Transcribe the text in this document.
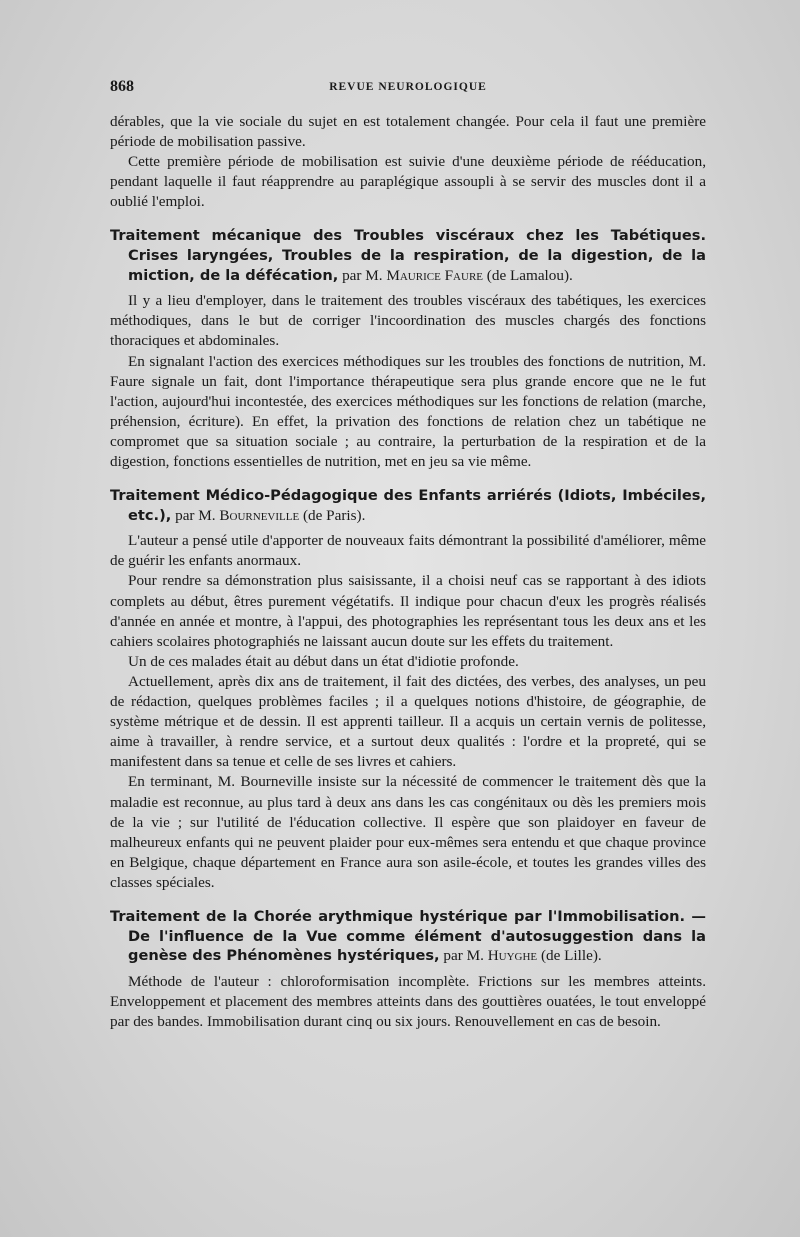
868	REVUE NEUROLOGIQUE

dérables, que la vie sociale du sujet en est totalement changée. Pour cela il faut une première période de mobilisation passive.

Cette première période de mobilisation est suivie d'une deuxième période de rééducation, pendant laquelle il faut réapprendre au paraplégique assoupli à se servir des muscles dont il a oublié l'emploi.

Traitement mécanique des Troubles viscéraux chez les Tabétiques. Crises laryngées, Troubles de la respiration, de la digestion, de la miction, de la défécation, par M. Maurice Faure (de Lamalou).

Il y a lieu d'employer, dans le traitement des troubles viscéraux des tabétiques, les exercices méthodiques, dans le but de corriger l'incoordination des muscles chargés des fonctions thoraciques et abdominales.

En signalant l'action des exercices méthodiques sur les troubles des fonctions de nutrition, M. Faure signale un fait, dont l'importance thérapeutique sera plus grande encore que ne le fut l'action, aujourd'hui incontestée, des exercices méthodiques sur les fonctions de relation (marche, préhension, écriture). En effet, la privation des fonctions de relation chez un tabétique ne compromet que sa situation sociale ; au contraire, la perturbation de la respiration et de la digestion, fonctions essentielles de nutrition, met en jeu sa vie même.

Traitement Médico-Pédagogique des Enfants arriérés (Idiots, Imbéciles, etc.), par M. Bourneville (de Paris).

L'auteur a pensé utile d'apporter de nouveaux faits démontrant la possibilité d'améliorer, même de guérir les enfants anormaux.

Pour rendre sa démonstration plus saisissante, il a choisi neuf cas se rapportant à des idiots complets au début, êtres purement végétatifs. Il indique pour chacun d'eux les progrès réalisés d'année en année et montre, à l'appui, des photographies les représentant tous les deux ans et les cahiers scolaires photographiés ne laissant aucun doute sur les effets du traitement.

Un de ces malades était au début dans un état d'idiotie profonde.

Actuellement, après dix ans de traitement, il fait des dictées, des verbes, des analyses, un peu de rédaction, quelques problèmes faciles ; il a quelques notions d'histoire, de géographie, de système métrique et de dessin. Il est apprenti tailleur. Il a acquis un certain vernis de politesse, aime à travailler, à rendre service, et a surtout deux qualités : l'ordre et la propreté, qui se manifestent dans sa tenue et celle de ses livres et cahiers.

En terminant, M. Bourneville insiste sur la nécessité de commencer le traitement dès que la maladie est reconnue, au plus tard à deux ans dans les cas congénitaux ou dès les premiers mois de la vie ; sur l'utilité de l'éducation collective. Il espère que son plaidoyer en faveur de malheureux enfants qui ne peuvent plaider pour eux-mêmes sera entendu et que chaque province en Belgique, chaque département en France aura son asile-école, et toutes les grandes villes des classes spéciales.

Traitement de la Chorée arythmique hystérique par l'Immobilisation. — De l'influence de la Vue comme élément d'autosuggestion dans la genèse des Phénomènes hystériques, par M. Huyghe (de Lille).

Méthode de l'auteur : chloroformisation incomplète. Frictions sur les membres atteints. Enveloppement et placement des membres atteints dans des gouttières ouatées, le tout enveloppé par des bandes. Immobilisation durant cinq ou six jours. Renouvellement en cas de besoin.
